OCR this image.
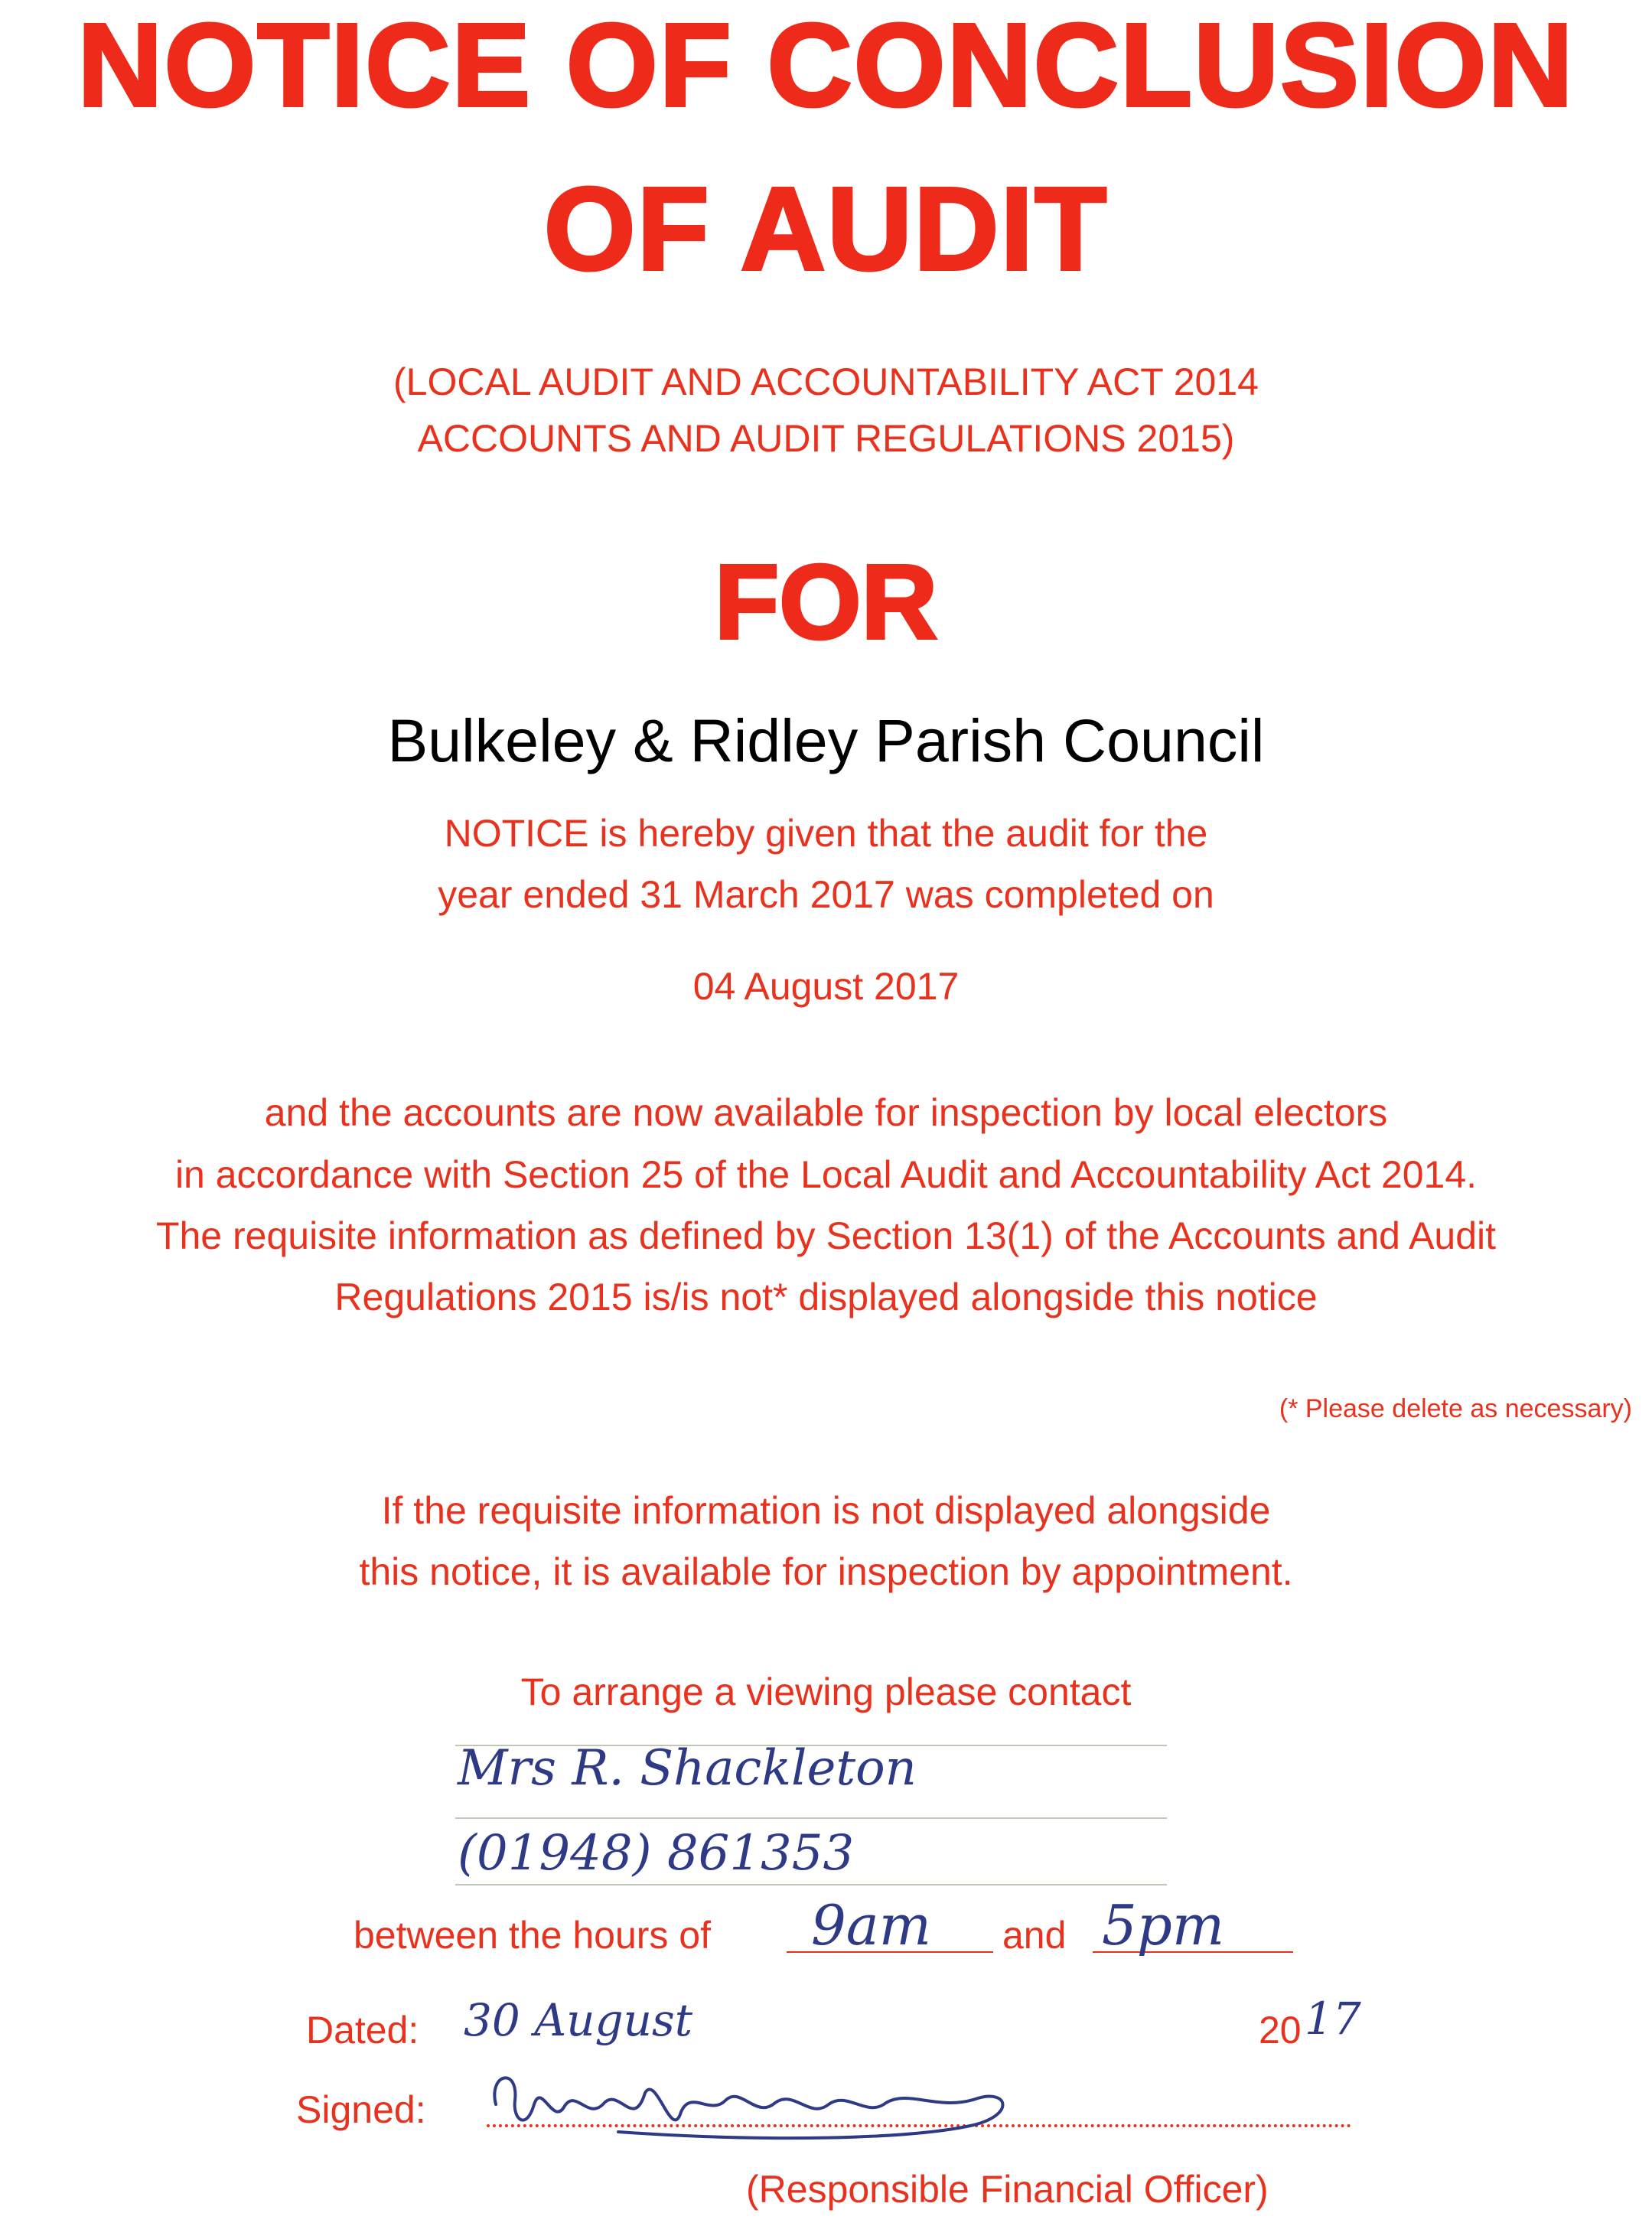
NOTICE OF CONCLUSION
OF AUDIT
(LOCAL AUDIT AND ACCOUNTABILITY ACT 2014
ACCOUNTS AND AUDIT REGULATIONS 2015)
FOR
Bulkeley & Ridley Parish Council
NOTICE is hereby given that the audit for the
year ended 31 March 2017 was completed on
04 August 2017
and the accounts are now available for inspection by local electors
in accordance with Section 25 of the Local Audit and Accountability Act 2014.
The requisite information as defined by Section 13(1) of the Accounts and Audit
Regulations 2015 is/is not* displayed alongside this notice
(* Please delete as necessary)
If the requisite information is not displayed alongside
this notice, it is available for inspection by appointment.
To arrange a viewing please contact
Mrs R. Shackleton
(01948) 861353
between the hours of 9am and 5pm
Dated: 30 August	20 17
Signed:
(Responsible Financial Officer)
